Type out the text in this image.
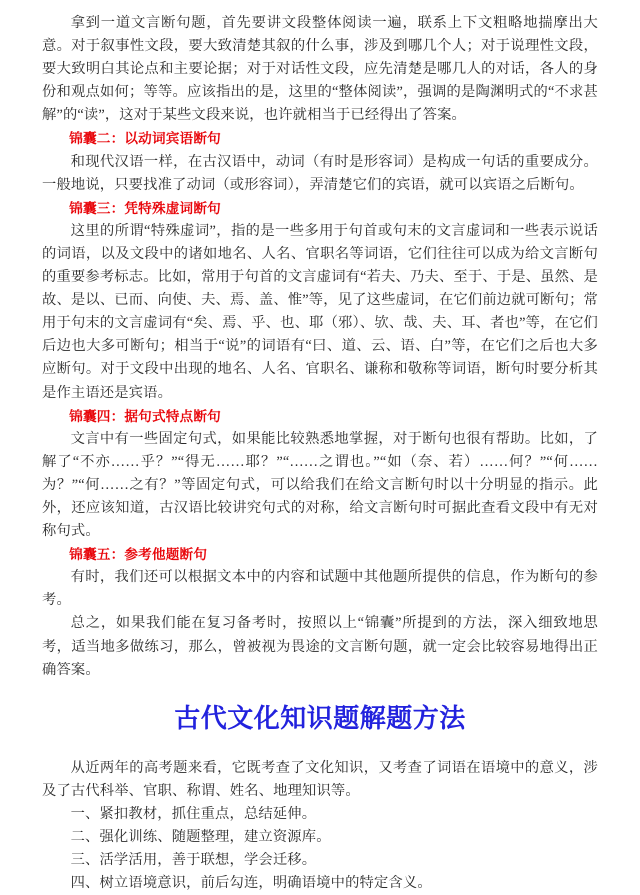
拿到一道文言断句题，首先要讲文段整体阅读一遍，联系上下文粗略地揣摩出大意。对于叙事性文段，要大致清楚其叙的什么事，涉及到哪几个人；对于说理性文段，要大致明白其论点和主要论据；对于对话性文段，应先清楚是哪几人的对话，各人的身份和观点如何；等等。应该指出的是，这里的“整体阅读”，强调的是陶渊明式的“不求甚解”的“读”，这对于某些文段来说，也许就相当于已经得出了答案。

锦囊二：以动词宾语断句

和现代汉语一样，在古汉语中，动词（有时是形容词）是构成一句话的重要成分。一般地说，只要找准了动词（或形容词），弄清楚它们的宾语，就可以宾语之后断句。

锦囊三：凭特殊虚词断句

这里的所谓“特殊虚词”，指的是一些多用于句首或句末的文言虚词和一些表示说话的词语，以及文段中的诸如地名、人名、官职名等词语，它们往往可以成为给文言断句的重要参考标志。比如，常用于句首的文言虚词有“若夫、乃夫、至于、于是、虽然、是故、是以、已而、向使、夫、焉、盖、惟”等，见了这些虚词，在它们前边就可断句；常用于句末的文言虚词有“矣、焉、乎、也、耶（邪）、欤、哉、夫、耳、者也”等，在它们后边也大多可断句；相当于“说”的词语有“曰、道、云、语、白”等，在它们之后也大多应断句。对于文段中出现的地名、人名、官职名、谦称和敬称等词语，断句时要分析其是作主语还是宾语。

锦囊四：据句式特点断句

文言中有一些固定句式，如果能比较熟悉地掌握，对于断句也很有帮助。比如，了解了“不亦……乎？”“得无……耶？”“……之谓也。”“如（奈、若）……何？”“何……为？”“何……之有？”等固定句式，可以给我们在给文言断句时以十分明显的指示。此外，还应该知道，古汉语比较讲究句式的对称，给文言断句时可据此查看文段中有无对称句式。

锦囊五：参考他题断句

有时，我们还可以根据文本中的内容和试题中其他题所提供的信息，作为断句的参考。

总之，如果我们能在复习备考时，按照以上“锦囊”所提到的方法，深入细致地思考，适当地多做练习，那么，曾被视为畏途的文言断句题，就一定会比较容易地得出正确答案。

古代文化知识题解题方法

从近两年的高考题来看，它既考查了文化知识，又考查了词语在语境中的意义，涉及了古代科举、官职、称谓、姓名、地理知识等。

一、紧扣教材，抓住重点，总结延伸。
二、强化训练、随题整理，建立资源库。
三、活学活用，善于联想，学会迁移。
四、树立语境意识，前后勾连，明确语境中的特定含义。
